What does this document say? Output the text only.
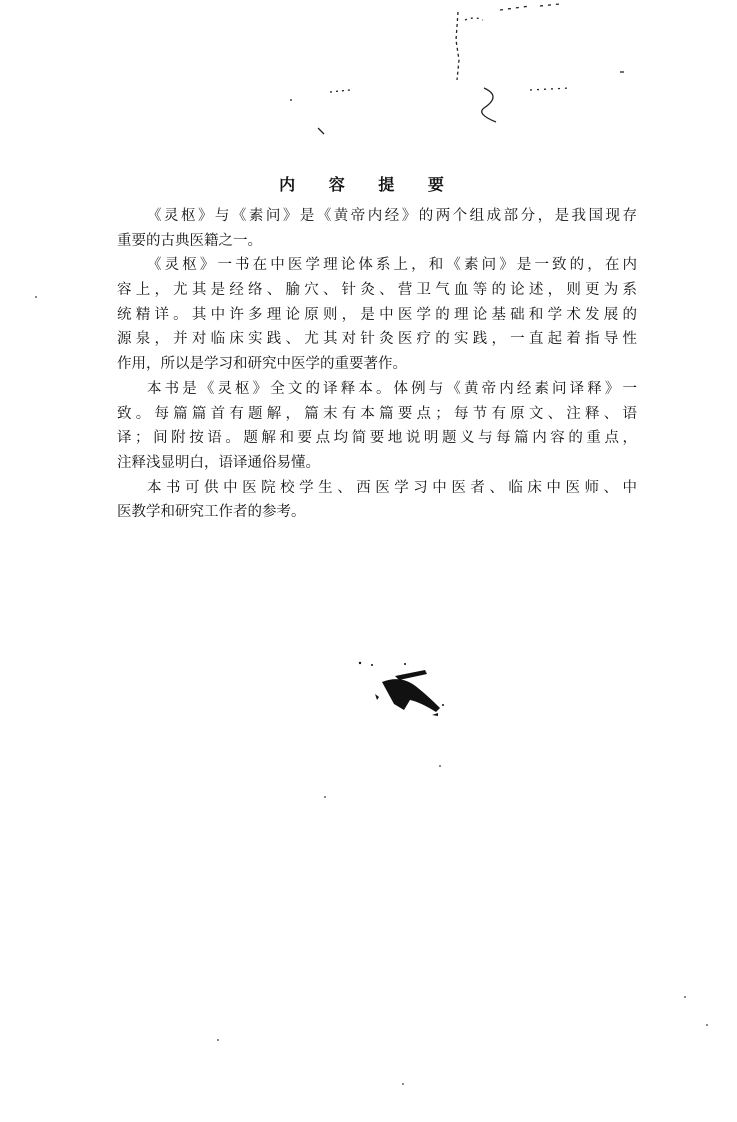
内 容 提 要
《灵枢》与《素问》是《黄帝内经》的两个组成部分，是我国现存
重要的古典医籍之一。
《灵枢》一书在中医学理论体系上，和《素问》是一致的，在内
容上，尤其是经络、腧穴、针灸、营卫气血等的论述，则更为系
统精详。其中许多理论原则，是中医学的理论基础和学术发展的
源泉，并对临床实践、尤其对针灸医疗的实践，一直起着指导性
作用，所以是学习和研究中医学的重要著作。
本书是《灵枢》全文的译释本。体例与《黄帝内经素问译释》一
致。每篇篇首有题解，篇末有本篇要点；每节有原文、注释、语
译；间附按语。题解和要点均简要地说明题义与每篇内容的重点，
注释浅显明白，语译通俗易懂。
本书可供中医院校学生、西医学习中医者、临床中医师、中
医教学和研究工作者的参考。
